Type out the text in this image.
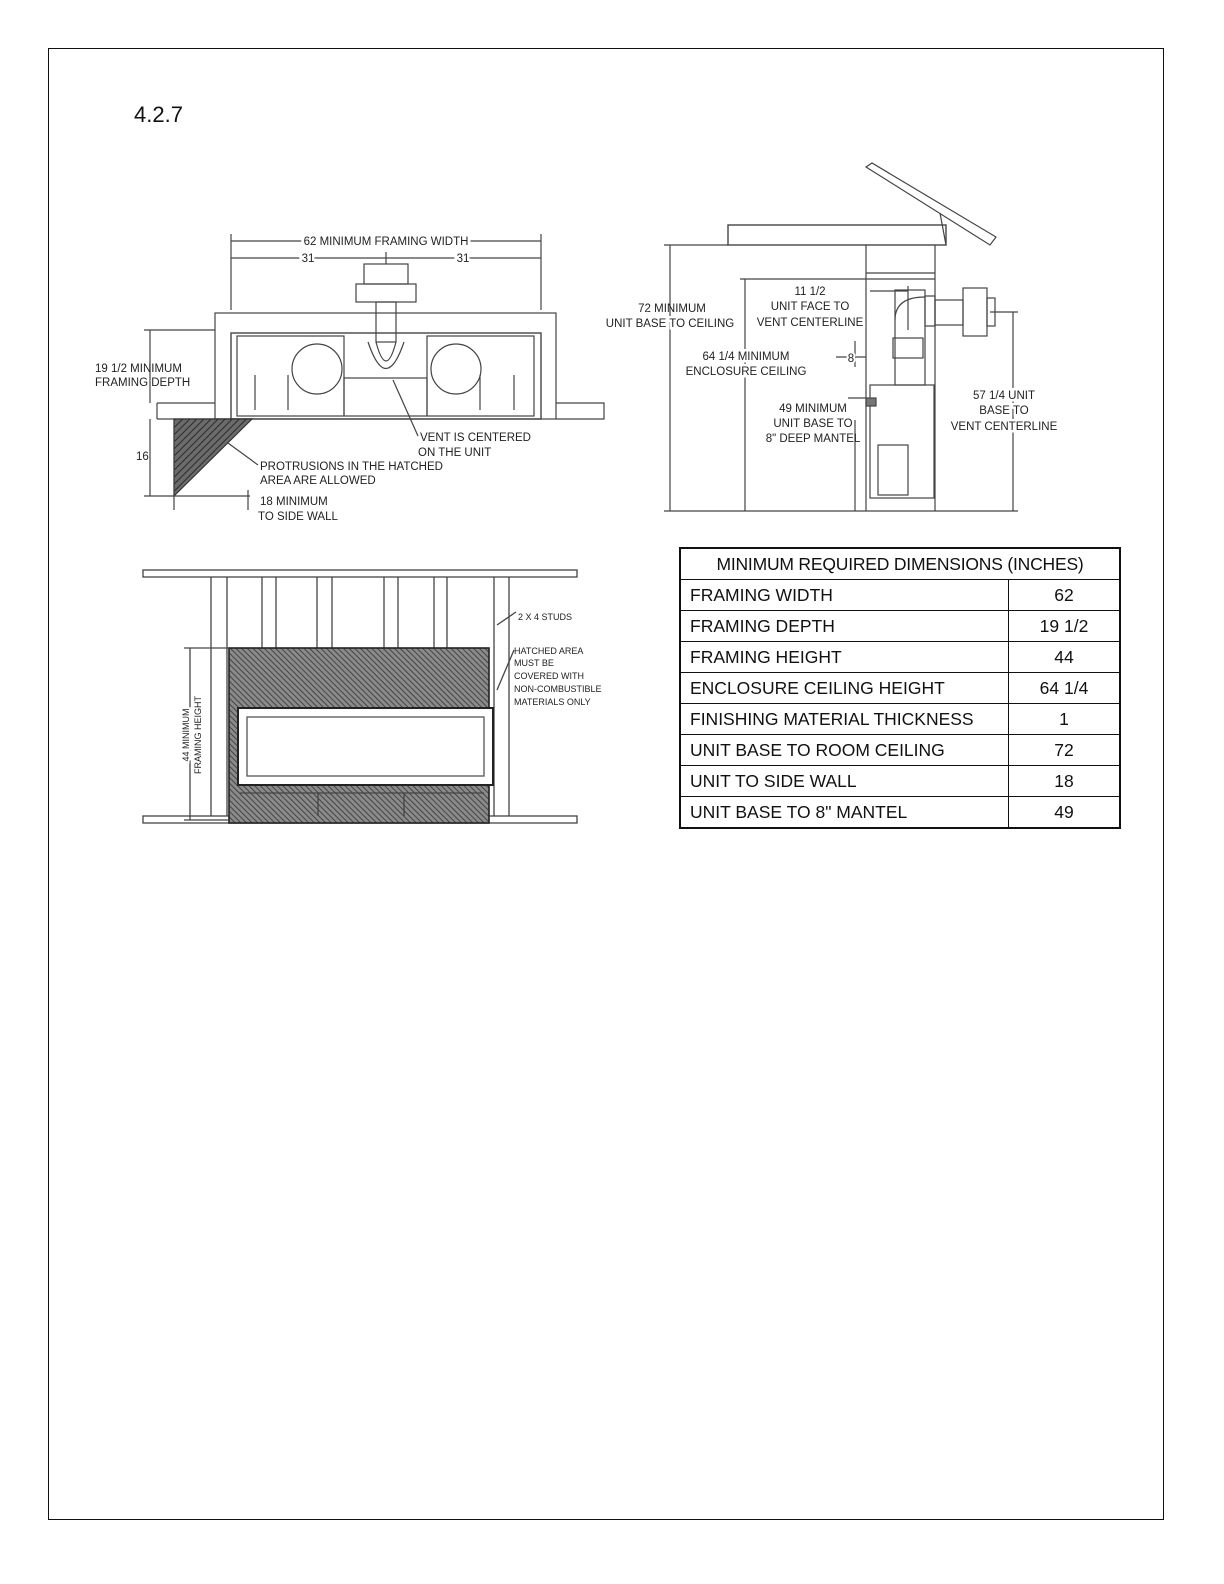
4.2.7
62 MINIMUM FRAMING WIDTH
31	31
19 1/2 MINIMUM
FRAMING DEPTH
16
VENT IS CENTERED
ON THE UNIT
PROTRUSIONS IN THE HATCHED
AREA ARE ALLOWED
18 MINIMUM
TO SIDE WALL
72 MINIMUM
UNIT BASE TO CEILING
11 1/2
UNIT FACE TO
VENT CENTERLINE
64 1/4 MINIMUM
ENCLOSURE CEILING
8
49 MINIMUM
UNIT BASE TO
8" DEEP MANTEL
57 1/4 UNIT
BASE TO
VENT CENTERLINE
44 MINIMUM FRAMING HEIGHT
2 X 4 STUDS
HATCHED AREA
MUST BE
COVERED WITH
NON-COMBUSTIBLE
MATERIALS ONLY
MINIMUM REQUIRED DIMENSIONS (INCHES)	
FRAMING WIDTH	62
FRAMING DEPTH	19 1/2
FRAMING HEIGHT	44
ENCLOSURE CEILING HEIGHT	64 1/4
FINISHING MATERIAL THICKNESS	1
UNIT BASE TO ROOM CEILING	72
UNIT TO SIDE WALL	18
UNIT BASE TO 8" MANTEL	49
